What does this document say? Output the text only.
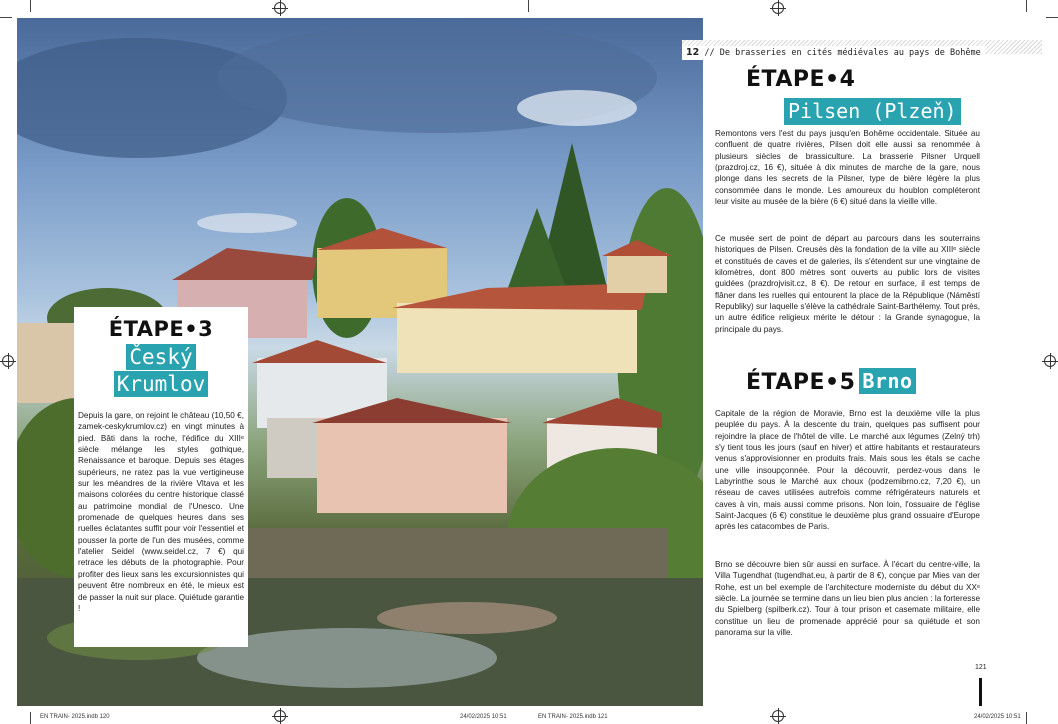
ÉTAPE•3
Český
Krumlov
Depuis la gare, on rejoint le château (10,50 €, zamek-ceskykrumlov.cz) en vingt minutes à pied. Bâti dans la roche, l'édifice du XIIIᵉ siècle mélange les styles gothique, Renaissance et baroque. Depuis ses étages supérieurs, ne ratez pas la vue vertigineuse sur les méandres de la rivière Vltava et les maisons colorées du centre historique classé au patrimoine mondial de l'Unesco. Une promenade de quelques heures dans ses ruelles éclatantes suffit pour voir l'essentiel et pousser la porte de l'un des musées, comme l'atelier Seidel (www.seidel.cz, 7 €) qui retrace les débuts de la photographie. Pour profiter des lieux sans les excursionnistes qui peuvent être nombreux en été, le mieux est de passer la nuit sur place. Quiétude garantie !
12 // De brasseries en cités médiévales au pays de Bohême
ÉTAPE•4
Pilsen (Plzeň)
Remontons vers l'est du pays jusqu'en Bohême occidentale. Située au confluent de quatre rivières, Pilsen doit elle aussi sa renommée à plusieurs siècles de brassiculture. La brasserie Pilsner Urquell (prazdroj.cz, 16 €), située à dix minutes de marche de la gare, nous plonge dans les secrets de la Pilsner, type de bière légère la plus consommée dans le monde. Les amoureux du houblon compléteront leur visite au musée de la bière (6 €) situé dans la vieille ville.
Ce musée sert de point de départ au parcours dans les souterrains historiques de Pilsen. Creusés dès la fondation de la ville au XIIIᵉ siècle et constitués de caves et de galeries, ils s'étendent sur une vingtaine de kilomètres, dont 800 mètres sont ouverts au public lors de visites guidées (prazdrojvisit.cz, 8 €). De retour en surface, il est temps de flâner dans les ruelles qui entourent la place de la République (Náměstí Republiky) sur laquelle s'élève la cathédrale Saint-Barthélemy. Tout près, un autre édifice religieux mérite le détour : la Grande synagogue, la principale du pays.
ÉTAPE•5 Brno
Capitale de la région de Moravie, Brno est la deuxième ville la plus peuplée du pays. À la descente du train, quelques pas suffisent pour rejoindre la place de l'hôtel de ville. Le marché aux légumes (Zelný trh) s'y tient tous les jours (sauf en hiver) et attire habitants et restaurateurs venus s'approvisionner en produits frais. Mais sous les étals se cache une ville insoupçonnée. Pour la découvrir, perdez-vous dans le Labyrinthe sous le Marché aux choux (podzemibrno.cz, 7,20 €), un réseau de caves utilisées autrefois comme réfrigérateurs naturels et caves à vin, mais aussi comme prisons. Non loin, l'ossuaire de l'église Saint-Jacques (6 €) constitue le deuxième plus grand ossuaire d'Europe après les catacombes de Paris.
Brno se découvre bien sûr aussi en surface. À l'écart du centre-ville, la Villa Tugendhat (tugendhat.eu, à partir de 8 €), conçue par Mies van der Rohe, est un bel exemple de l'architecture moderniste du début du XXᵉ siècle. La journée se termine dans un lieu bien plus ancien : la forteresse du Spielberg (spilberk.cz). Tour à tour prison et casemate militaire, elle constitue un lieu de promenade apprécié pour sa quiétude et son panorama sur la ville.
121
EN TRAIN- 2025.indb 120	24/02/2025 10:51	EN TRAIN- 2025.indb 121	24/02/2025 10:51
